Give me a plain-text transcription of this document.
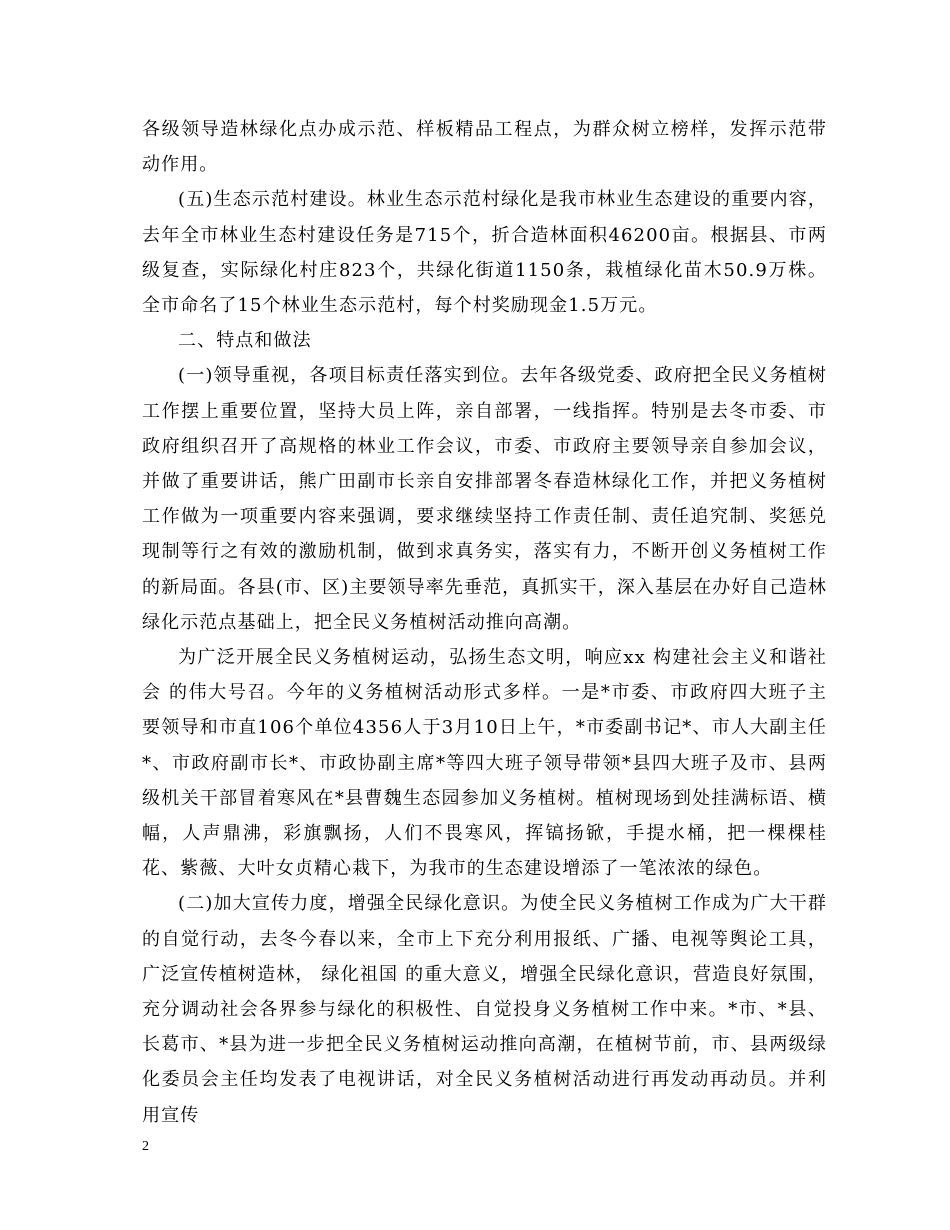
各级领导造林绿化点办成示范、样板精品工程点，为群众树立榜样，发挥示范带动作用。

(五)生态示范村建设。林业生态示范村绿化是我市林业生态建设的重要内容，去年全市林业生态村建设任务是715个，折合造林面积46200亩。根据县、市两级复查，实际绿化村庄823个，共绿化街道1150条，栽植绿化苗木50.9万株。全市命名了15个林业生态示范村，每个村奖励现金1.5万元。

二、特点和做法

(一)领导重视，各项目标责任落实到位。去年各级党委、政府把全民义务植树工作摆上重要位置，坚持大员上阵，亲自部署，一线指挥。特别是去冬市委、市政府组织召开了高规格的林业工作会议，市委、市政府主要领导亲自参加会议，并做了重要讲话，熊广田副市长亲自安排部署冬春造林绿化工作，并把义务植树工作做为一项重要内容来强调，要求继续坚持工作责任制、责任追究制、奖惩兑现制等行之有效的激励机制，做到求真务实，落实有力，不断开创义务植树工作的新局面。各县(市、区)主要领导率先垂范，真抓实干，深入基层在办好自己造林绿化示范点基础上，把全民义务植树活动推向高潮。

为广泛开展全民义务植树运动，弘扬生态文明，响应xx 构建社会主义和谐社会 的伟大号召。今年的义务植树活动形式多样。一是*市委、市政府四大班子主要领导和市直106个单位4356人于3月10日上午，*市委副书记*、市人大副主任*、市政府副市长*、市政协副主席*等四大班子领导带领*县四大班子及市、县两级机关干部冒着寒风在*县曹魏生态园参加义务植树。植树现场到处挂满标语、横幅，人声鼎沸，彩旗飘扬，人们不畏寒风，挥镐扬锨，手提水桶，把一棵棵桂花、紫薇、大叶女贞精心栽下，为我市的生态建设增添了一笔浓浓的绿色。

(二)加大宣传力度，增强全民绿化意识。为使全民义务植树工作成为广大干群的自觉行动，去冬今春以来，全市上下充分利用报纸、广播、电视等舆论工具，广泛宣传植树造林， 绿化祖国 的重大意义，增强全民绿化意识，营造良好氛围，充分调动社会各界参与绿化的积极性、自觉投身义务植树工作中来。*市、*县、长葛市、*县为进一步把全民义务植树运动推向高潮，在植树节前，市、县两级绿化委员会主任均发表了电视讲话，对全民义务植树活动进行再发动再动员。并利用宣传

2
